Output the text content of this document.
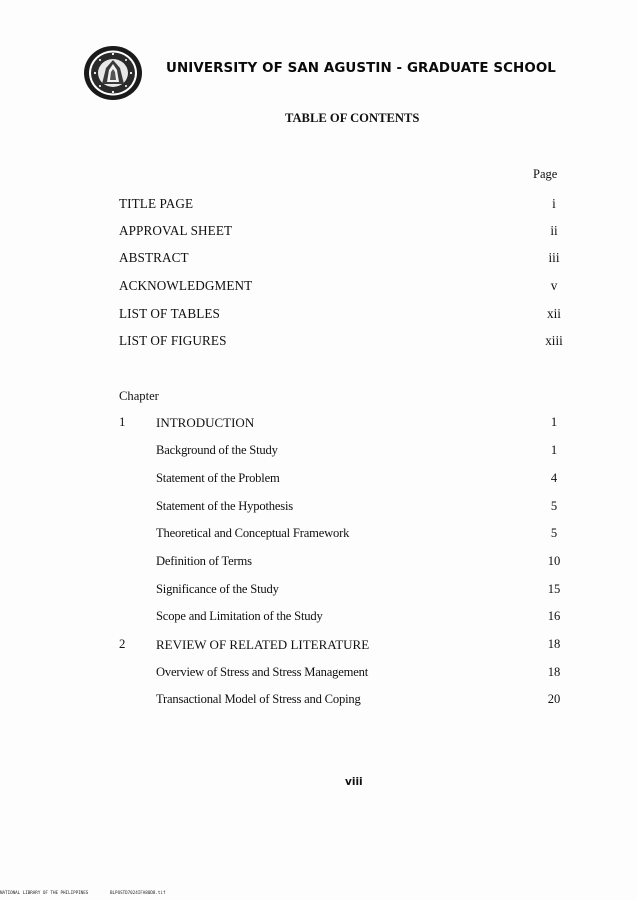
UNIVERSITY OF SAN AGUSTIN - GRADUATE SCHOOL
TABLE OF CONTENTS
Page
TITLE PAGE	i
APPROVAL SHEET	ii
ABSTRACT	iii
ACKNOWLEDGMENT	v
LIST OF TABLES	xii
LIST OF FIGURES	xiii
Chapter
1 INTRODUCTION	1
Background of the Study	1
Statement of the Problem	4
Statement of the Hypothesis	5
Theoretical and Conceptual Framework	5
Definition of Terms	10
Significance of the Study	15
Scope and Limitation of the Study	16
2 REVIEW OF RELATED LITERATURE	18
Overview of Stress and Stress Management	18
Transactional Model of Stress and Coping	20
viii
NATIONAL LIBRARY OF THE PHILIPPINES	BLPOSTD7024IFA80D8.tif
